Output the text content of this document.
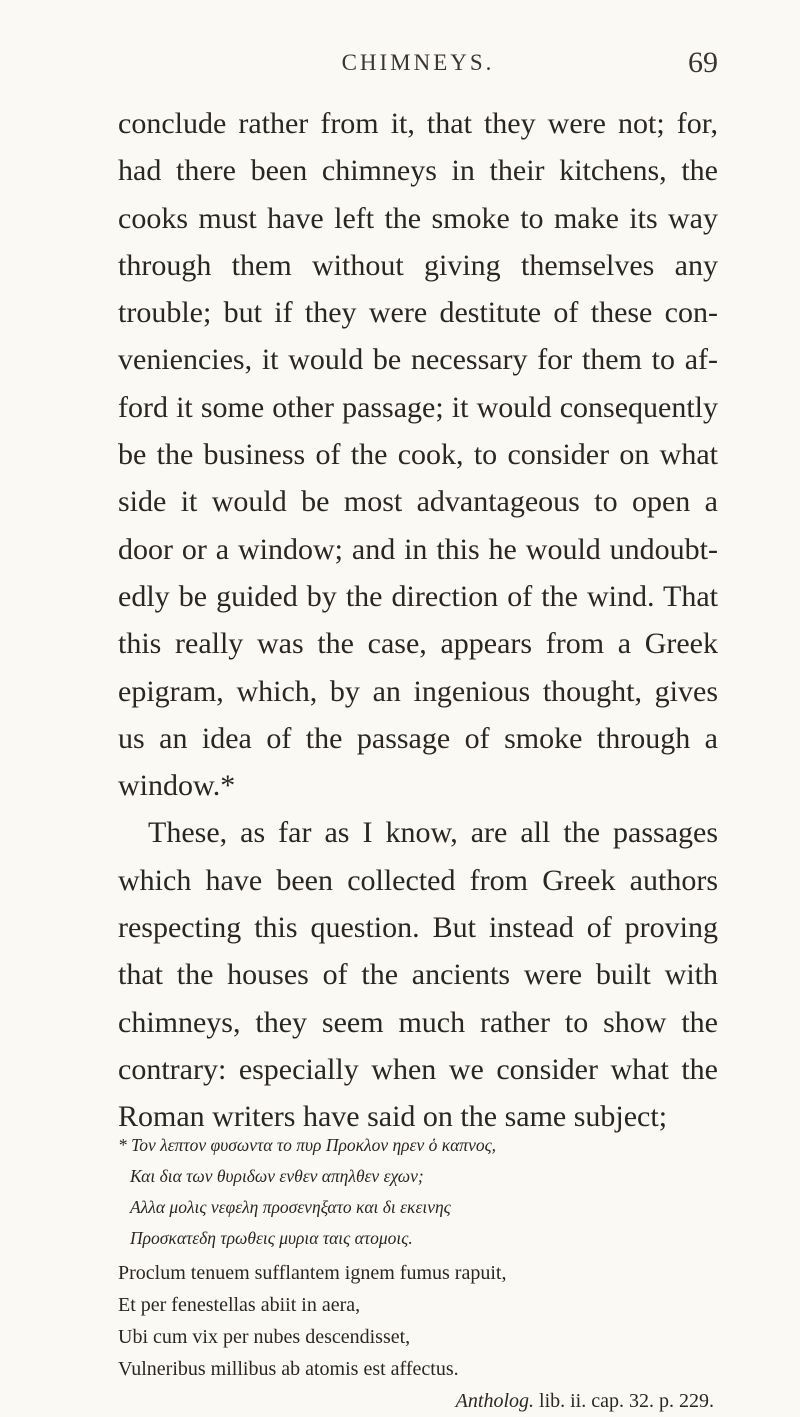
CHIMNEYS.	69

conclude rather from it, that they were not; for,

had there been chimneys in their kitchens, the

cooks must have left the smoke to make its way

through them without giving themselves any

trouble; but if they were destitute of these con-

veniencies, it would be necessary for them to af-

ford it some other passage; it would consequently

be the business of the cook, to consider on what

side it would be most advantageous to open a

door or a window; and in this he would undoubt-

edly be guided by the direction of the wind. That

this really was the case, appears from a Greek

epigram, which, by an ingenious thought, gives

us an idea of the passage of smoke through a

window.*

These, as far as I know, are all the passages

which have been collected from Greek authors

respecting this question. But instead of proving

that the houses of the ancients were built with

chimneys, they seem much rather to show the

contrary: especially when we consider what the

Roman writers have said on the same subject;

* Τον λεπτον φυσωντα το πυρ Προκλον ηρεν ὁ καπνος,

Και δια των θυριδων ενθεν απηλθεν εχων;

Αλλα μολις νεφελη προσενηξατο και δι εκεινης

Προσκατεδη τρωθεις μυρια ταις ατομοις.

Proclum tenuem sufflantem ignem fumus rapuit,

Et per fenestellas abiit in aera,

Ubi cum vix per nubes descendisset,

Vulneribus millibus ab atomis est affectus.

Antholog. lib. ii. cap. 32. p. 229.
